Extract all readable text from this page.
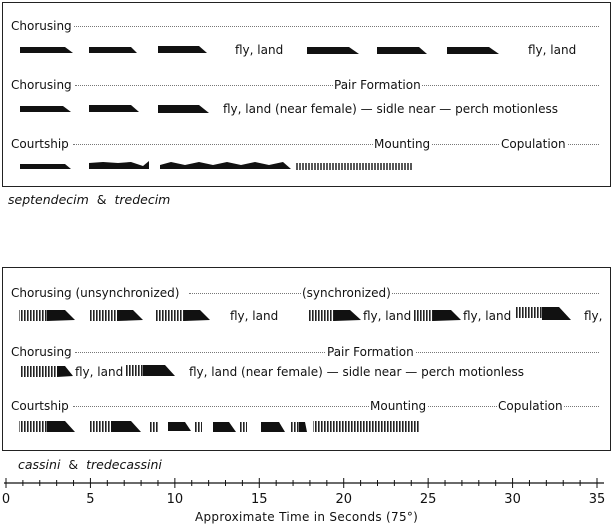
Chorusing
fly, land	fly, land
Chorusing	Pair Formation
fly, land (near female) — sidle near — perch motionless
Courtship	Mounting	Copulation
septendecim & tredecim
Chorusing (unsynchronized)	(synchronized)
fly, land	fly, land	fly, land	fly,
Chorusing	Pair Formation
fly, land	fly, land (near female) — sidle near — perch motionless
Courtship	Mounting	Copulation
cassini & tredecassini
0	5	10	15	20	25	30	35
Approximate Time in Seconds (75°)
